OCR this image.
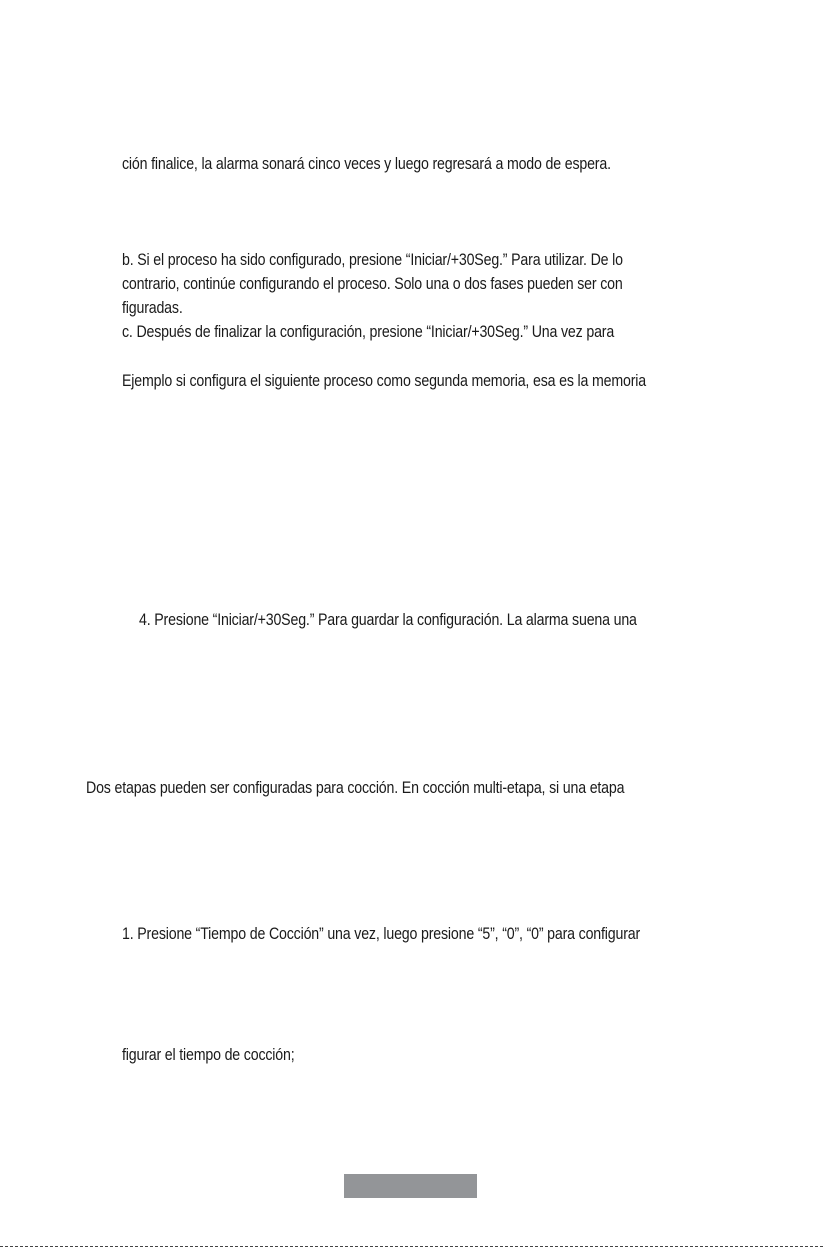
ción finalice, la alarma sonará cinco veces y luego regresará a modo de espera.
b. Si el proceso ha sido configurado, presione “Iniciar/+30Seg.” Para utilizar. De lo
contrario, continúe configurando el proceso. Solo una o dos fases pueden ser con
figuradas.
c. Después de finalizar la configuración, presione “Iniciar/+30Seg.” Una vez para
Ejemplo si configura el siguiente proceso como segunda memoria, esa es la memoria
4. Presione “Iniciar/+30Seg.” Para guardar la configuración. La alarma suena una
Dos etapas pueden ser configuradas para cocción. En cocción multi-etapa, si una etapa
1. Presione “Tiempo de Cocción” una vez, luego presione “5”, “0”, “0” para configurar
figurar el tiempo de cocción;
